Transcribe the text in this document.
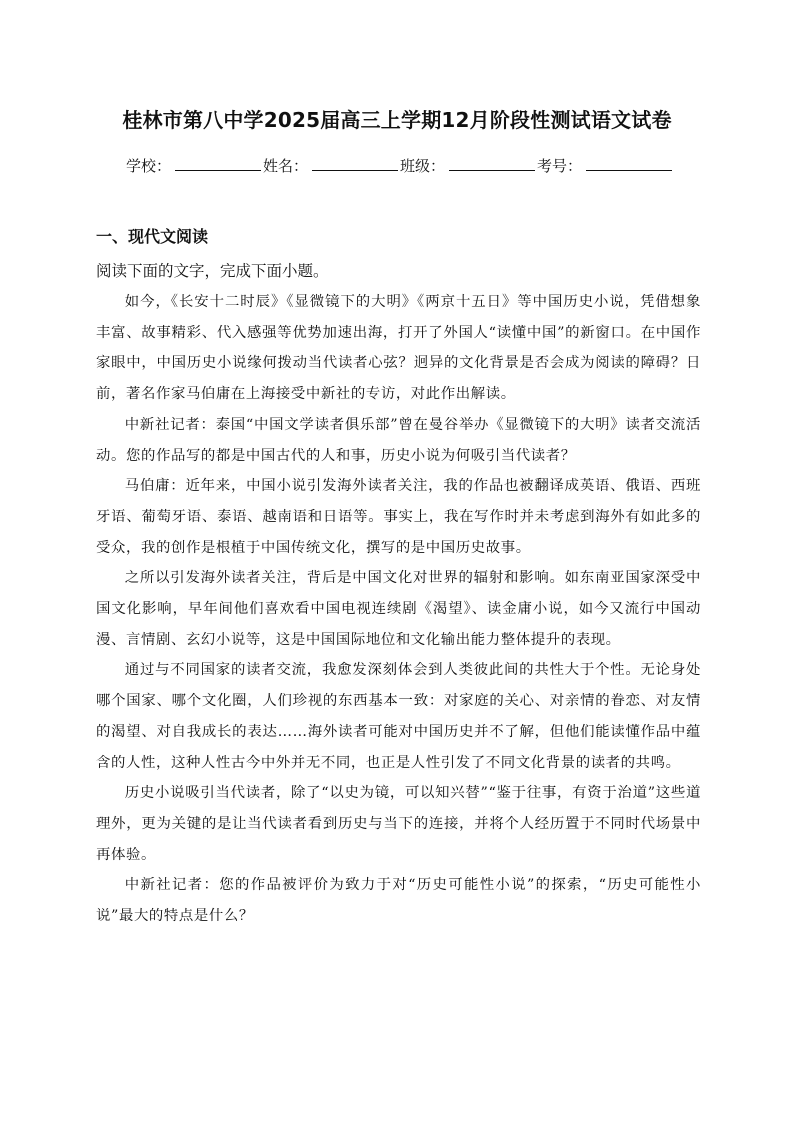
桂林市第八中学2025届高三上学期12月阶段性测试语文试卷
学校：	姓名：	班级：	考号：
一、现代文阅读

阅读下面的文字，完成下面小题。

如今，《长安十二时辰》《显微镜下的大明》《两京十五日》等中国历史小说，凭借想象丰富、故事精彩、代入感强等优势加速出海，打开了外国人“读懂中国”的新窗口。在中国作家眼中，中国历史小说缘何拨动当代读者心弦？迥异的文化背景是否会成为阅读的障碍？日前，著名作家马伯庸在上海接受中新社的专访，对此作出解读。

中新社记者：泰国“中国文学读者俱乐部”曾在曼谷举办《显微镜下的大明》读者交流活动。您的作品写的都是中国古代的人和事，历史小说为何吸引当代读者？

马伯庸：近年来，中国小说引发海外读者关注，我的作品也被翻译成英语、俄语、西班牙语、葡萄牙语、泰语、越南语和日语等。事实上，我在写作时并未考虑到海外有如此多的受众，我的创作是根植于中国传统文化，撰写的是中国历史故事。

之所以引发海外读者关注，背后是中国文化对世界的辐射和影响。如东南亚国家深受中国文化影响，早年间他们喜欢看中国电视连续剧《渴望》、读金庸小说，如今又流行中国动漫、言情剧、玄幻小说等，这是中国国际地位和文化输出能力整体提升的表现。

通过与不同国家的读者交流，我愈发深刻体会到人类彼此间的共性大于个性。无论身处哪个国家、哪个文化圈，人们珍视的东西基本一致：对家庭的关心、对亲情的眷恋、对友情的渴望、对自我成长的表达……海外读者可能对中国历史并不了解，但他们能读懂作品中蕴含的人性，这种人性古今中外并无不同，也正是人性引发了不同文化背景的读者的共鸣。

历史小说吸引当代读者，除了“以史为镜，可以知兴替”“鉴于往事，有资于治道”这些道理外，更为关键的是让当代读者看到历史与当下的连接，并将个人经历置于不同时代场景中再体验。

中新社记者：您的作品被评价为致力于对“历史可能性小说”的探索，“历史可能性小说”最大的特点是什么？
